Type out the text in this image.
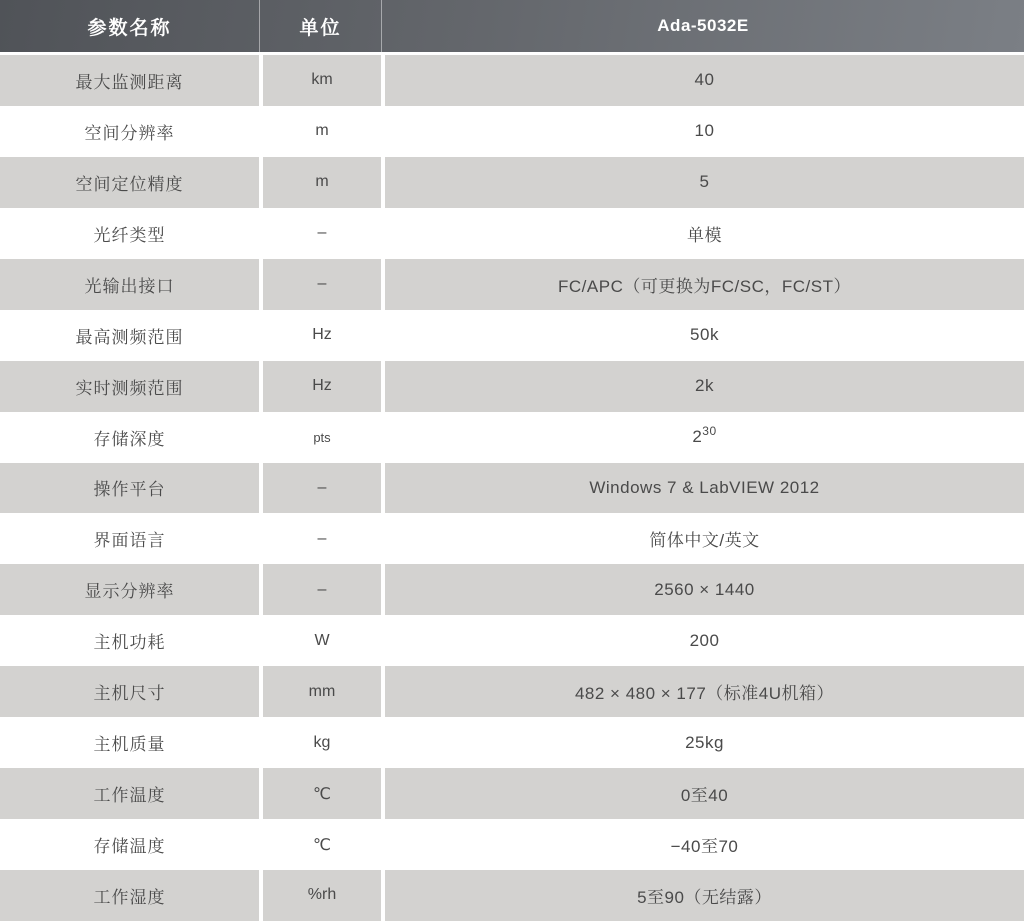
参数名称	单位	Ada-5032E
最大监测距离	km	40
空间分辨率	m	10
空间定位精度	m	5
光纤类型	–	单模
光输出接口	–	FC/APC（可更换为FC/SC，FC/ST）
最高测频范围	Hz	50k
实时测频范围	Hz	2k
存储深度	pts	$2^{30}$
操作平台	–	Windows 7 & LabVIEW 2012
界面语言	–	简体中文/英文
显示分辨率	–	2560 × 1440
主机功耗	W	200
主机尺寸	mm	482 × 480 × 177（标准4U机箱）
主机质量	kg	25kg
工作温度	℃	0至40
存储温度	℃	−40至70
工作湿度	%rh	5至90（无结露）
